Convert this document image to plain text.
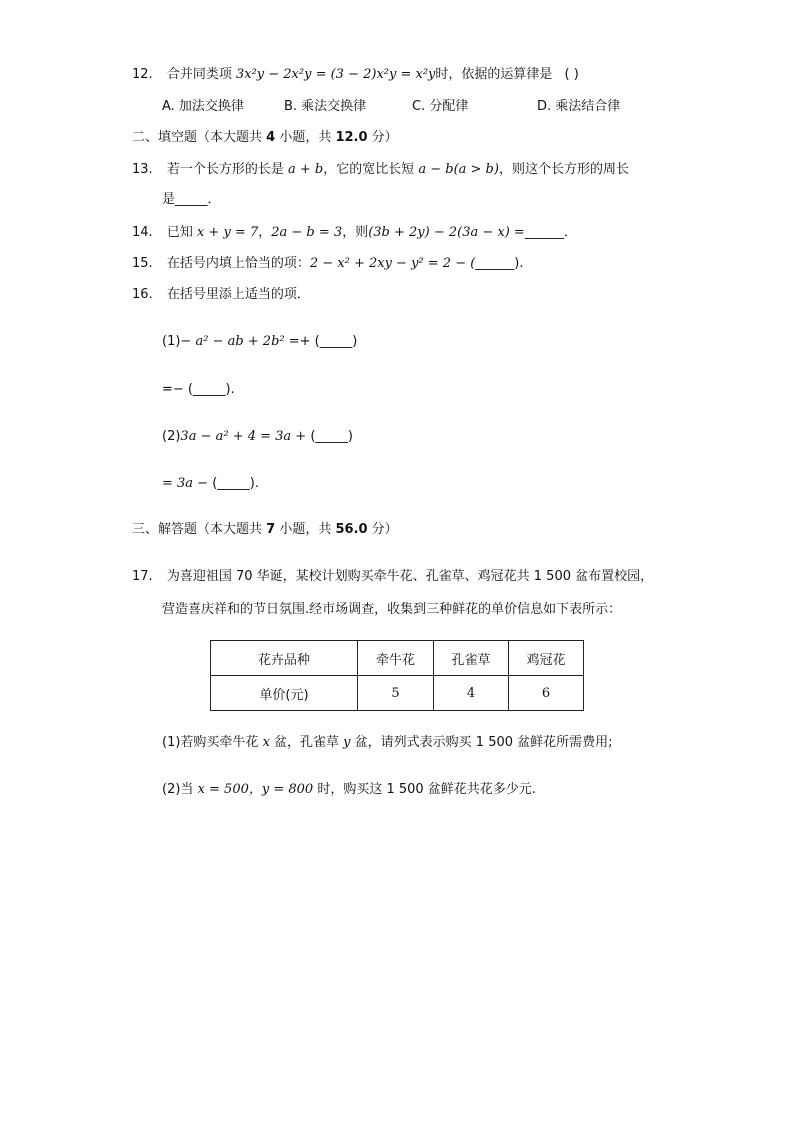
12. 合并同类项 3x²y − 2x²y = (3 − 2)x²y = x²y时，依据的运算律是 ( )
A. 加法交换律	B. 乘法交换律	C. 分配律	D. 乘法结合律
二、填空题（本大题共 4 小题，共 12.0 分）
13. 若一个长方形的长是 a + b，它的宽比长短 a − b(a > b)，则这个长方形的周长
是_____．
14. 已知 x + y = 7，2a − b = 3，则(3b + 2y) − 2(3a − x) =______．
15. 在括号内填上恰当的项：2 − x² + 2xy − y² = 2 − (______).
16. 在括号里添上适当的项．
(1)− a² − ab + 2b² =+ (_____)
=− (_____).
(2)3a − a² + 4 = 3a + (_____)
= 3a − (_____).
三、解答题（本大题共 7 小题，共 56.0 分）
17. 为喜迎祖国 70 华诞，某校计划购买牵牛花、孔雀草、鸡冠花共 1 500 盆布置校园，
营造喜庆祥和的节日氛围.经市场调查，收集到三种鲜花的单价信息如下表所示：
花卉品种	牵牛花	孔雀草	鸡冠花
单价(元)	5	4	6
(1)若购买牵牛花 x 盆，孔雀草 y 盆，请列式表示购买 1 500 盆鲜花所需费用;
(2)当 x = 500，y = 800 时，购买这 1 500 盆鲜花共花多少元.
